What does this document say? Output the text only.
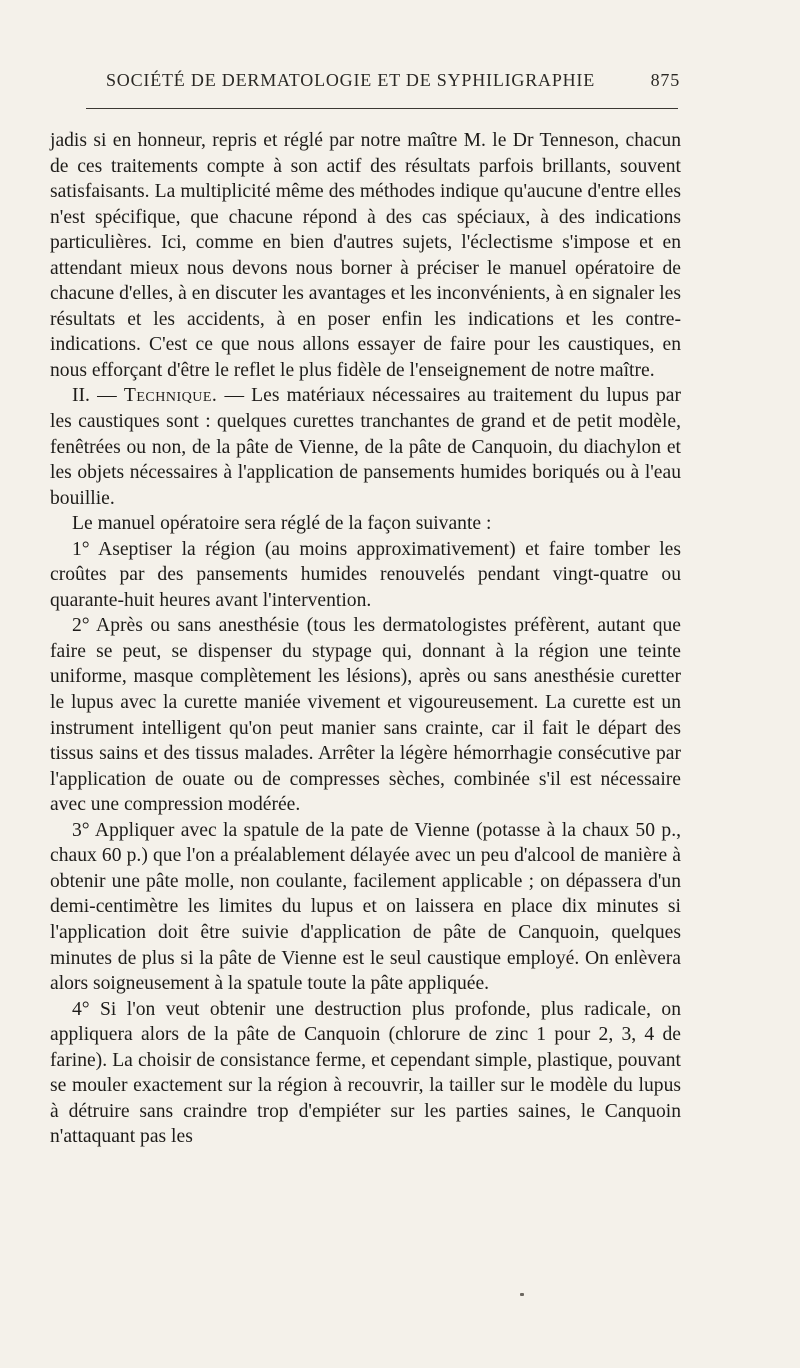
SOCIÉTÉ DE DERMATOLOGIE ET DE SYPHILIGRAPHIE	875

jadis si en honneur, repris et réglé par notre maître M. le Dr Tenneson, chacun de ces traitements compte à son actif des résultats parfois brillants, souvent satisfaisants. La multiplicité même des méthodes indique qu'aucune d'entre elles n'est spécifique, que chacune répond à des cas spéciaux, à des indications particulières. Ici, comme en bien d'autres sujets, l'éclectisme s'impose et en attendant mieux nous devons nous borner à préciser le manuel opératoire de chacune d'elles, à en discuter les avantages et les inconvénients, à en signaler les résultats et les accidents, à en poser enfin les indications et les contre-indications. C'est ce que nous allons essayer de faire pour les caustiques, en nous efforçant d'être le reflet le plus fidèle de l'enseignement de notre maître.

II. — Technique. — Les matériaux nécessaires au traitement du lupus par les caustiques sont : quelques curettes tranchantes de grand et de petit modèle, fenêtrées ou non, de la pâte de Vienne, de la pâte de Canquoin, du diachylon et les objets nécessaires à l'application de pansements humides boriqués ou à l'eau bouillie.

Le manuel opératoire sera réglé de la façon suivante :

1° Aseptiser la région (au moins approximativement) et faire tomber les croûtes par des pansements humides renouvelés pendant vingt-quatre ou quarante-huit heures avant l'intervention.

2° Après ou sans anesthésie (tous les dermatologistes préfèrent, autant que faire se peut, se dispenser du stypage qui, donnant à la région une teinte uniforme, masque complètement les lésions), après ou sans anesthésie curetter le lupus avec la curette maniée vivement et vigoureusement. La curette est un instrument intelligent qu'on peut manier sans crainte, car il fait le départ des tissus sains et des tissus malades. Arrêter la légère hémorrhagie consécutive par l'application de ouate ou de compresses sèches, combinée s'il est nécessaire avec une compression modérée.

3° Appliquer avec la spatule de la pate de Vienne (potasse à la chaux 50 p., chaux 60 p.) que l'on a préalablement délayée avec un peu d'alcool de manière à obtenir une pâte molle, non coulante, facilement applicable ; on dépassera d'un demi-centimètre les limites du lupus et on laissera en place dix minutes si l'application doit être suivie d'application de pâte de Canquoin, quelques minutes de plus si la pâte de Vienne est le seul caustique employé. On enlèvera alors soigneusement à la spatule toute la pâte appliquée.

4° Si l'on veut obtenir une destruction plus profonde, plus radicale, on appliquera alors de la pâte de Canquoin (chlorure de zinc 1 pour 2, 3, 4 de farine). La choisir de consistance ferme, et cependant simple, plastique, pouvant se mouler exactement sur la région à recouvrir, la tailler sur le modèle du lupus à détruire sans craindre trop d'empiéter sur les parties saines, le Canquoin n'attaquant pas les
